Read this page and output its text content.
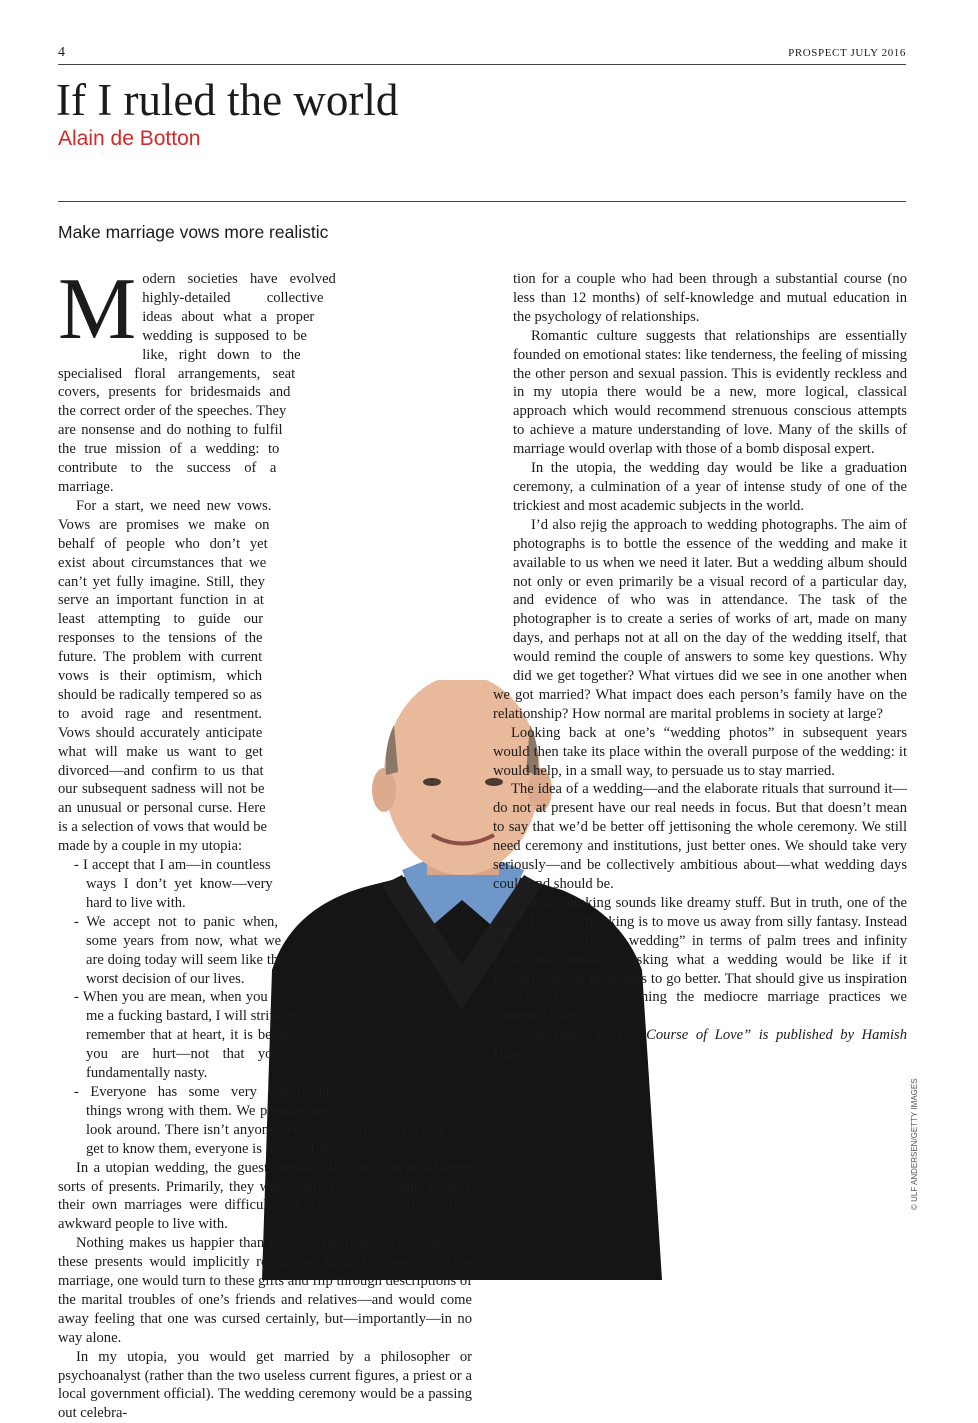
4	PROSPECT JULY 2016
If I ruled the world
Alain de Botton
Make marriage vows more realistic

Modern societies have evolved highly-detailed collective ideas about what a proper wedding is supposed to be like, right down to the specialised floral arrangements, seat covers, presents for bridesmaids and the correct order of the speeches. They are nonsense and do nothing to fulfil the true mission of a wedding: to contribute to the success of a marriage.

For a start, we need new vows. Vows are promises we make on behalf of people who don’t yet exist about circumstances that we can’t yet fully imagine. Still, they serve an important function in at least attempting to guide our responses to the tensions of the future. The problem with current vows is their optimism, which should be radically tempered so as to avoid rage and resentment. Vows should accurately anticipate what will make us want to get divorced—and confirm to us that our subsequent sadness will not be an unusual or personal curse. Here is a selection of vows that would be made by a couple in my utopia:

- I accept that I am—in countless ways I don’t yet know—very hard to live with.
- We accept not to panic when, some years from now, what we are doing today will seem like the worst decision of our lives.
- When you are mean, when you call me a fucking bastard, I will strive to remember that at heart, it is because you are hurt—not that you are fundamentally nasty.
- Everyone has some very significant things wrong with them. We promise not to look around. There isn’t anyone better out there really. Once you get to know them, everyone is impossible.

In a utopian wedding, the guests would offer the couple different sorts of presents. Primarily, they would arrive with accounts of why their own marriages were difficult and why they were themselves awkward people to live with.

Nothing makes us happier than news of the troubles of others, as these presents would implicitly recognise. At dark moments in the marriage, one would turn to these gifts and flip through descriptions of the marital troubles of one’s friends and relatives—and would come away feeling that one was cursed certainly, but—importantly—in no way alone.

In my utopia, you would get married by a philosopher or psychoanalyst (rather than the two useless current figures, a priest or a local government official). The wedding ceremony would be a passing out celebra-

tion for a couple who had been through a substantial course (no less than 12 months) of self-knowledge and mutual education in the psychology of relationships.

Romantic culture suggests that relationships are essentially founded on emotional states: like tenderness, the feeling of missing the other person and sexual passion. This is evidently reckless and in my utopia there would be a new, more logical, classical approach which would recommend strenuous conscious attempts to achieve a mature understanding of love. Many of the skills of marriage would overlap with those of a bomb disposal expert.

In the utopia, the wedding day would be like a graduation ceremony, a culmination of a year of intense study of one of the trickiest and most academic subjects in the world.

I’d also rejig the approach to wedding photographs. The aim of photographs is to bottle the essence of the wedding and make it available to us when we need it later. But a wedding album should not only or even primarily be a visual record of a particular day, and evidence of who was in attendance. The task of the photographer is to create a series of works of art, made on many days, and perhaps not at all on the day of the wedding itself, that would remind the couple of answers to some key questions. Why did we get together? What virtues did we see in one another when we got married? What impact does each person’s family have on the relationship? How normal are marital problems in society at large?

Looking back at one’s “wedding photos” in subsequent years would then take its place within the overall purpose of the wedding: it would help, in a small way, to persuade us to stay married.

The idea of a wedding—and the elaborate rituals that surround it—do not at present have our real needs in focus. But that doesn’t mean to say that we’d be better off jettisoning the whole ceremony. We still need ceremony and institutions, just better ones. We should take very seriously—and be collectively ambitious about—what wedding days could and should be.

Utopian thinking sounds like dreamy stuff. But in truth, one of the uses of utopian thinking is to move us away from silly fantasy. Instead of seeing the “dream wedding” in terms of palm trees and infinity pools, we should be asking what a wedding would be like if it properly helped marriages to go better. That should give us inspiration as we set about reforming the mediocre marriage practices we currently have.

Alain de Botton’s “The Course of Love” is published by Hamish Hamilton

© ULF ANDERSEN/GETTY IMAGES
